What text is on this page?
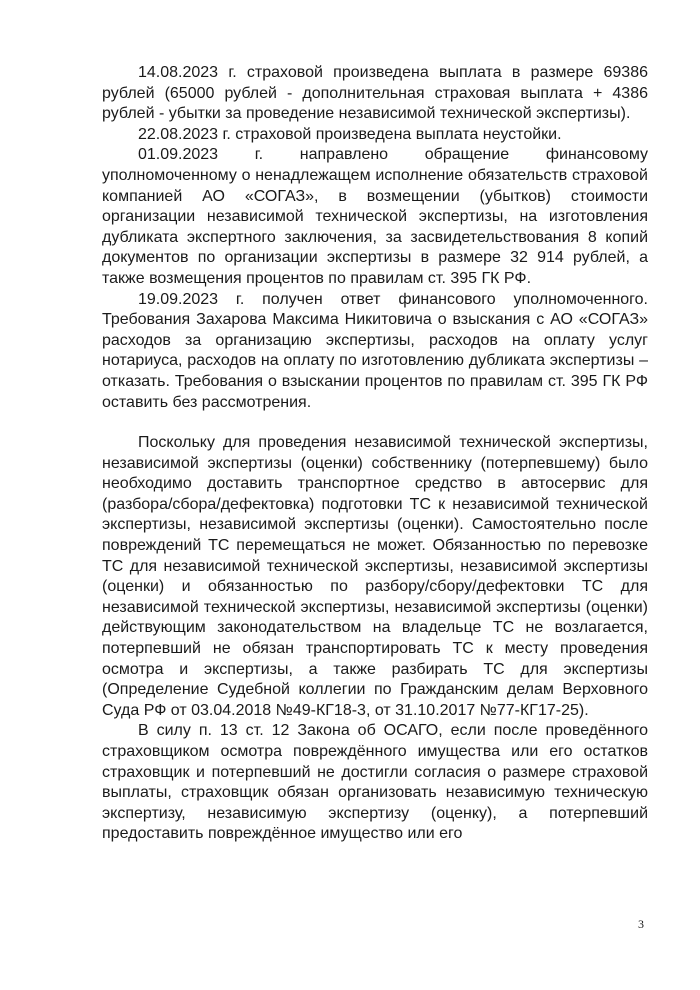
14.08.2023 г. страховой произведена выплата в размере 69386 рублей (65000 рублей - дополнительная страховая выплата + 4386 рублей - убытки за проведение независимой технической экспертизы).

22.08.2023 г. страховой произведена выплата неустойки.

01.09.2023 г. направлено обращение финансовому уполномоченному о ненадлежащем исполнение обязательств страховой компанией АО «СОГАЗ», в возмещении (убытков) стоимости организации независимой технической экспертизы, на изготовления дубликата экспертного заключения, за засвидетельствования 8 копий документов по организации экспертизы в размере 32 914 рублей, а также возмещения процентов по правилам ст. 395 ГК РФ.

19.09.2023 г. получен ответ финансового уполномоченного. Требования Захарова Максима Никитовича о взыскания с АО «СОГАЗ» расходов за организацию экспертизы, расходов на оплату услуг нотариуса, расходов на оплату по изготовлению дубликата экспертизы – отказать. Требования о взыскании процентов по правилам ст. 395 ГК РФ оставить без рассмотрения.

Поскольку для проведения независимой технической экспертизы, независимой экспертизы (оценки) собственнику (потерпевшему) было необходимо доставить транспортное средство в автосервис для (разбора/сбора/дефектовка) подготовки ТС к независимой технической экспертизы, независимой экспертизы (оценки). Самостоятельно после повреждений ТС перемещаться не может. Обязанностью по перевозке ТС для независимой технической экспертизы, независимой экспертизы (оценки) и обязанностью по разбору/сбору/дефектовки ТС для независимой технической экспертизы, независимой экспертизы (оценки) действующим законодательством на владельце ТС не возлагается, потерпевший не обязан транспортировать ТС к месту проведения осмотра и экспертизы, а также разбирать ТС для экспертизы (Определение Судебной коллегии по Гражданским делам Верховного Суда РФ от 03.04.2018 №49-КГ18-3, от 31.10.2017 №77-КГ17-25).

В силу п. 13 ст. 12 Закона об ОСАГО, если после проведённого страховщиком осмотра повреждённого имущества или его остатков страховщик и потерпевший не достигли согласия о размере страховой выплаты, страховщик обязан организовать независимую техническую экспертизу, независимую экспертизу (оценку), а потерпевший предоставить повреждённое имущество или его

3
